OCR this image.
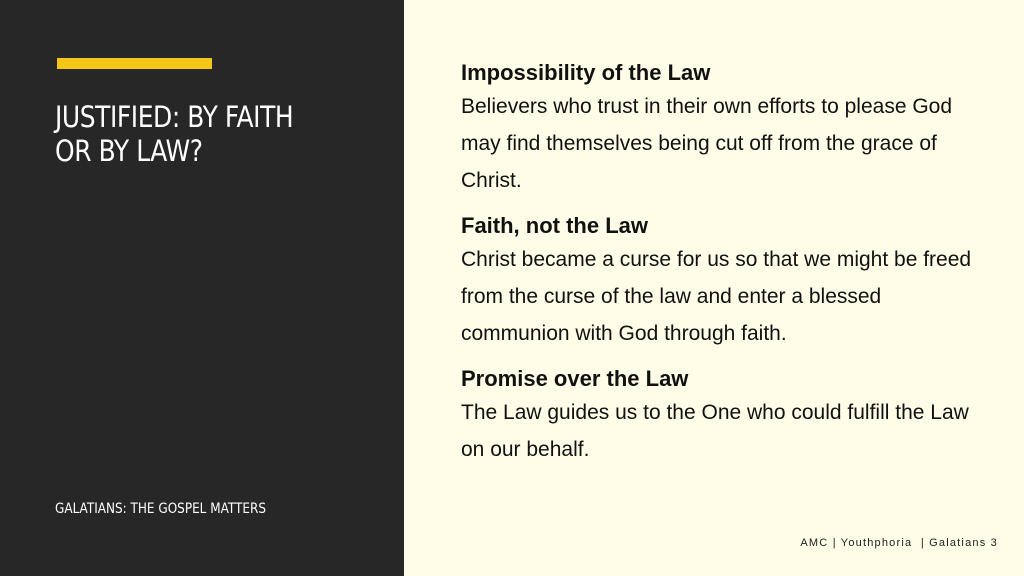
JUSTIFIED: BY FAITH OR BY LAW?
GALATIANS: THE GOSPEL MATTERS
Impossibility of the Law

Believers who trust in their own efforts to please God may find themselves being cut off from the grace of Christ.

Faith, not the Law

Christ became a curse for us so that we might be freed from the curse of the law and enter a blessed communion with God through faith.

Promise over the Law

The Law guides us to the One who could fulfill the Law on our behalf.

AMC | Youthphoria  | Galatians 3
